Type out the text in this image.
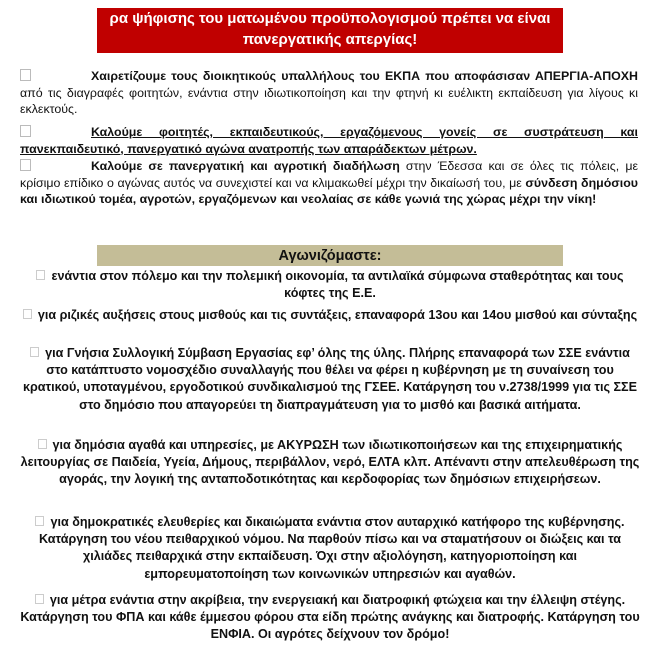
ρα ψήφισης του ματωμένου προϋπολογισμού πρέπει να είναι
πανεργατικής απεργίας!
Χαιρετίζουμε τους διοικητικούς υπαλλήλους του ΕΚΠΑ που αποφάσισαν ΑΠΕΡΓΙΑ-ΑΠΟΧΗ από τις διαγραφές φοιτητών, ενάντια στην ιδιωτικοποίηση και την φτηνή κι ευέλικτη εκπαίδευση για λίγους κι εκλεκτούς.
Καλούμε φοιτητές, εκπαιδευτικούς, εργαζόμενους γονείς σε συστράτευση και πανεκπαιδευτικό, πανεργατικό αγώνα ανατροπής των απαράδεκτων μέτρων.
Καλούμε σε πανεργατική και αγροτική διαδήλωση στην Έδεσσα και σε όλες τις πόλεις, με κρίσιμο επίδικο ο αγώνας αυτός να συνεχιστεί και να κλιμακωθεί μέχρι την δικαίωσή του, με σύνδεση δημόσιου και ιδιωτικού τομέα, αγροτών, εργαζόμενων και νεολαίας σε κάθε γωνιά της χώρας μέχρι την νίκη!
Αγωνιζόμαστε:
ενάντια στον πόλεμο και την πολεμική οικονομία, τα αντιλαϊκά σύμφωνα σταθερότητας και τους κόφτες της Ε.Ε.
για ριζικές αυξήσεις στους μισθούς και τις συντάξεις, επαναφορά 13ου και 14ου μισθού και σύνταξης
για Γνήσια Συλλογική Σύμβαση Εργασίας εφ’ όλης της ύλης. Πλήρης επαναφορά των ΣΣΕ ενάντια στο κατάπτυστο νομοσχέδιο συναλλαγής που θέλει να φέρει η κυβέρνηση με τη συναίνεση του κρατικού, υποταγμένου, εργοδοτικού συνδικαλισμού της ΓΣΕΕ. Κατάργηση του ν.2738/1999 για τις ΣΣΕ στο δημόσιο που απαγορεύει τη διαπραγμάτευση για το μισθό και βασικά αιτήματα.
για δημόσια αγαθά και υπηρεσίες, με ΑΚΥΡΩΣΗ των ιδιωτικοποιήσεων και της επιχειρηματικής λειτουργίας σε Παιδεία, Υγεία, Δήμους, περιβάλλον, νερό, ΕΛΤΑ κλπ. Απέναντι στην απελευθέρωση της αγοράς, την λογική της ανταποδοτικότητας και κερδοφορίας των δημόσιων επιχειρήσεων.
για δημοκρατικές ελευθερίες και δικαιώματα ενάντια στον αυταρχικό κατήφορο της κυβέρνησης. Κατάργηση του νέου πειθαρχικού νόμου. Να παρθούν πίσω και να σταματήσουν οι διώξεις και τα χιλιάδες πειθαρχικά στην εκπαίδευση. Όχι στην αξιολόγηση, κατηγοριοποίηση και εμπορευματοποίηση των κοινωνικών υπηρεσιών και αγαθών.
για μέτρα ενάντια στην ακρίβεια, την ενεργειακή και διατροφική φτώχεια και την έλλειψη στέγης. Κατάργηση του ΦΠΑ και κάθε έμμεσου φόρου στα είδη πρώτης ανάγκης και διατροφής. Κατάργηση του ΕΝΦΙΑ. Οι αγρότες δείχνουν τον δρόμο!
